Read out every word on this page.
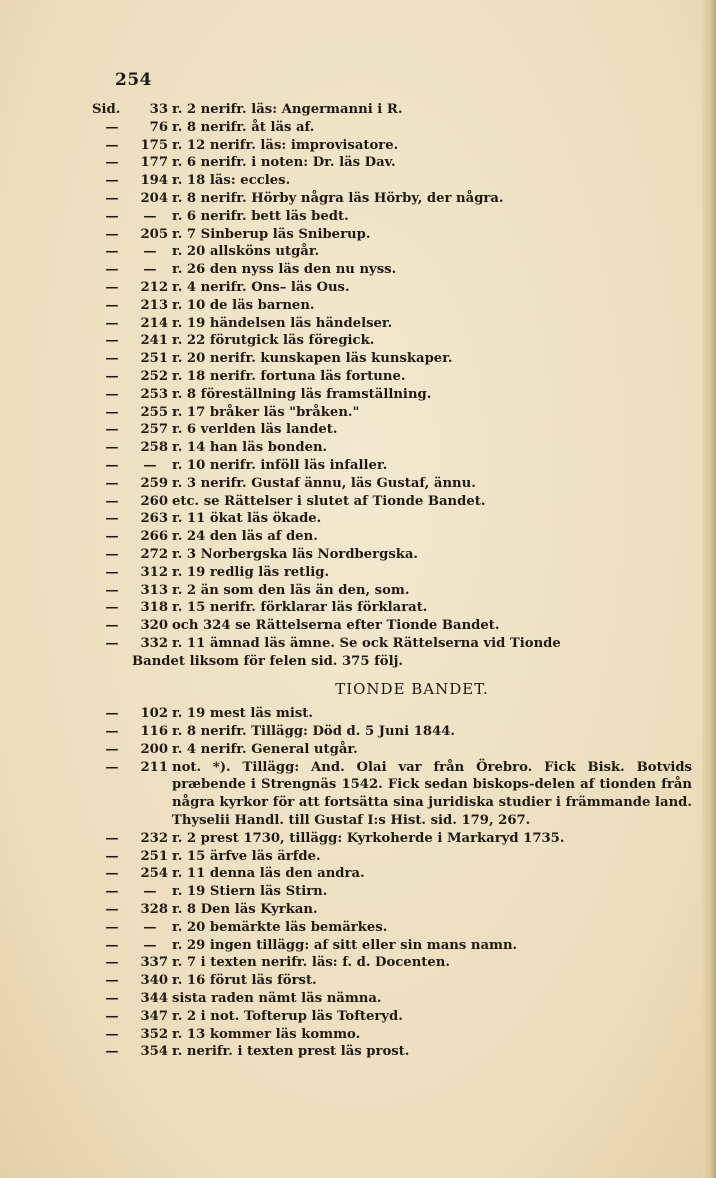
254
Sid. 33 r. 2 nerifr. läs: Angermanni i R.
— 76 r. 8 nerifr. åt läs af.
— 175 r. 12 nerifr. läs: improvisatore.
— 177 r. 6 nerifr. i noten: Dr. läs Dav.
— 194 r. 18 läs: eccles.
— 204 r. 8 nerifr. Hörby några läs Hörby, der några.
— — r. 6 nerifr. bett läs bedt.
— 205 r. 7 Sinberup läs Sniberup.
— — r. 20 allsköns utgår.
— — r. 26 den nyss läs den nu nyss.
— 212 r. 4 nerifr. Ons– läs Ous.
— 213 r. 10 de läs barnen.
— 214 r. 19 händelsen läs händelser.
— 241 r. 22 förutgick läs föregick.
— 251 r. 20 nerifr. kunskapen läs kunskaper.
— 252 r. 18 nerifr. fortuna läs fortune.
— 253 r. 8 föreställning läs framställning.
— 255 r. 17 bråker läs "bråken."
— 257 r. 6 verlden läs landet.
— 258 r. 14 han läs bonden.
— — r. 10 nerifr. inföll läs infaller.
— 259 r. 3 nerifr. Gustaf ännu, läs Gustaf, ännu.
— 260 etc. se Rättelser i slutet af Tionde Bandet.
— 263 r. 11 ökat läs ökade.
— 266 r. 24 den läs af den.
— 272 r. 3 Norbergska läs Nordbergska.
— 312 r. 19 redlig läs retlig.
— 313 r. 2 än som den läs än den, som.
— 318 r. 15 nerifr. förklarar läs förklarat.
— 320 och 324 se Rättelserna efter Tionde Bandet.
— 332 r. 11 ämnad läs ämne. Se ock Rättelserna vid Tionde
Bandet liksom för felen sid. 375 följ.
TIONDE BANDET.
— 102 r. 19 mest läs mist.
— 116 r. 8 nerifr. Tillägg: Död d. 5 Juni 1844.
— 200 r. 4 nerifr. General utgår.
— 211 not. *). Tillägg: And. Olai var från Örebro. Fick Bisk. Botvids præbende i Strengnäs 1542. Fick sedan biskops-delen af tionden från några kyrkor för att fortsätta sina juridiska studier i främmande land. Thyselii Handl. till Gustaf I:s Hist. sid. 179, 267.
— 232 r. 2 prest 1730, tillägg: Kyrkoherde i Markaryd 1735.
— 251 r. 15 ärfve läs ärfde.
— 254 r. 11 denna läs den andra.
— — r. 19 Stiern läs Stirn.
— 328 r. 8 Den läs Kyrkan.
— — r. 20 bemärkte läs bemärkes.
— — r. 29 ingen tillägg: af sitt eller sin mans namn.
— 337 r. 7 i texten nerifr. läs: f. d. Docenten.
— 340 r. 16 förut läs först.
— 344 sista raden nämt läs nämna.
— 347 r. 2 i not. Tofterup läs Tofteryd.
— 352 r. 13 kommer läs kommo.
— 354 r. nerifr. i texten prest läs prost.
